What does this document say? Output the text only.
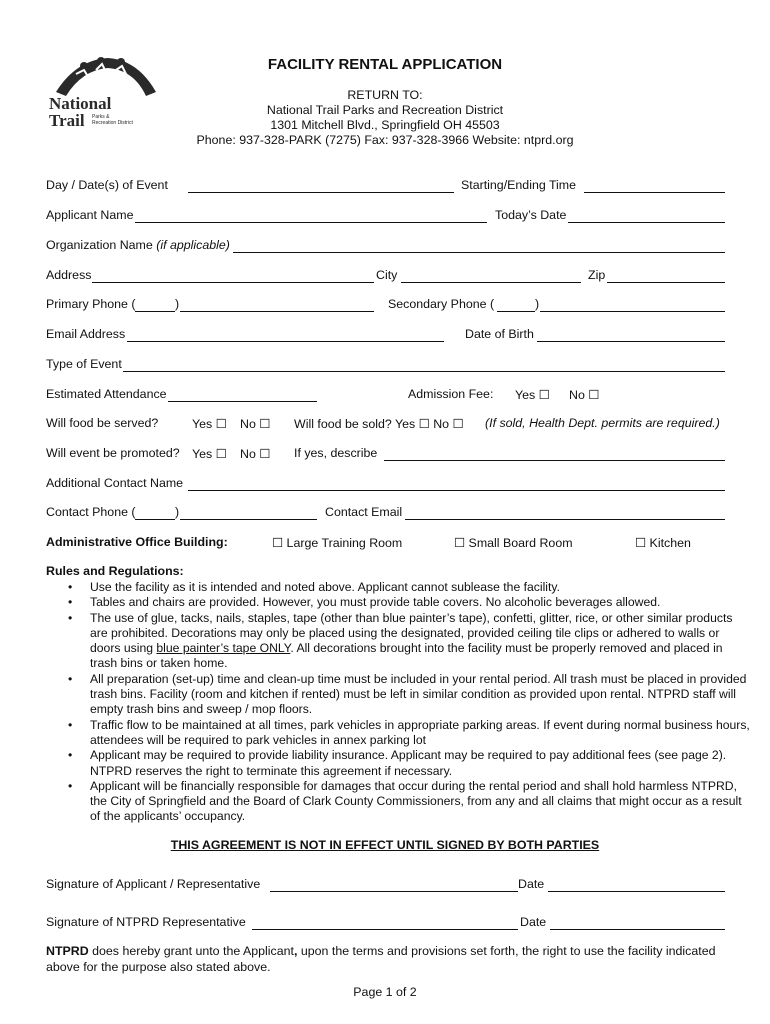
National
Trail Parks &
Recreation District
FACILITY RENTAL APPLICATION
RETURN TO:
National Trail Parks and Recreation District
1301 Mitchell Blvd., Springfield OH 45503
Phone: 937-328-PARK (7275) Fax: 937-328-3966 Website: ntprd.org
Day / Date(s) of Event	Starting/Ending Time
Applicant Name	Today’s Date
Organization Name (if applicable)
Address	City	Zip
Primary Phone (	)	Secondary Phone (	)
Email Address	Date of Birth
Type of Event
Estimated Attendance	Admission Fee: Yes ☐ No ☐
Will food be served?	Yes ☐ No ☐ Will food be sold? Yes ☐ No ☐ (If sold, Health Dept. permits are required.)
Will event be promoted? Yes ☐ No ☐ If yes, describe
Additional Contact Name
Contact Phone (	)	Contact Email
Administrative Office Building:	☐ Large Training Room	☐ Small Board Room	☐ Kitchen
Rules and Regulations:
• Use the facility as it is intended and noted above. Applicant cannot sublease the facility.
• Tables and chairs are provided. However, you must provide table covers. No alcoholic beverages allowed.
• The use of glue, tacks, nails, staples, tape (other than blue painter’s tape), confetti, glitter, rice, or other similar products are prohibited. Decorations may only be placed using the designated, provided ceiling tile clips or adhered to walls or doors using blue painter’s tape ONLY. All decorations brought into the facility must be properly removed and placed in trash bins or taken home.
• All preparation (set-up) time and clean-up time must be included in your rental period. All trash must be placed in provided trash bins. Facility (room and kitchen if rented) must be left in similar condition as provided upon rental. NTPRD staff will empty trash bins and sweep / mop floors.
• Traffic flow to be maintained at all times, park vehicles in appropriate parking areas. If event during normal business hours, attendees will be required to park vehicles in annex parking lot
• Applicant may be required to provide liability insurance. Applicant may be required to pay additional fees (see page 2). NTPRD reserves the right to terminate this agreement if necessary.
• Applicant will be financially responsible for damages that occur during the rental period and shall hold harmless NTPRD, the City of Springfield and the Board of Clark County Commissioners, from any and all claims that might occur as a result of the applicants’ occupancy.
THIS AGREEMENT IS NOT IN EFFECT UNTIL SIGNED BY BOTH PARTIES
Signature of Applicant / Representative	Date
Signature of NTPRD Representative	Date
NTPRD does hereby grant unto the Applicant, upon the terms and provisions set forth, the right to use the facility indicated above for the purpose also stated above.
Page 1 of 2
